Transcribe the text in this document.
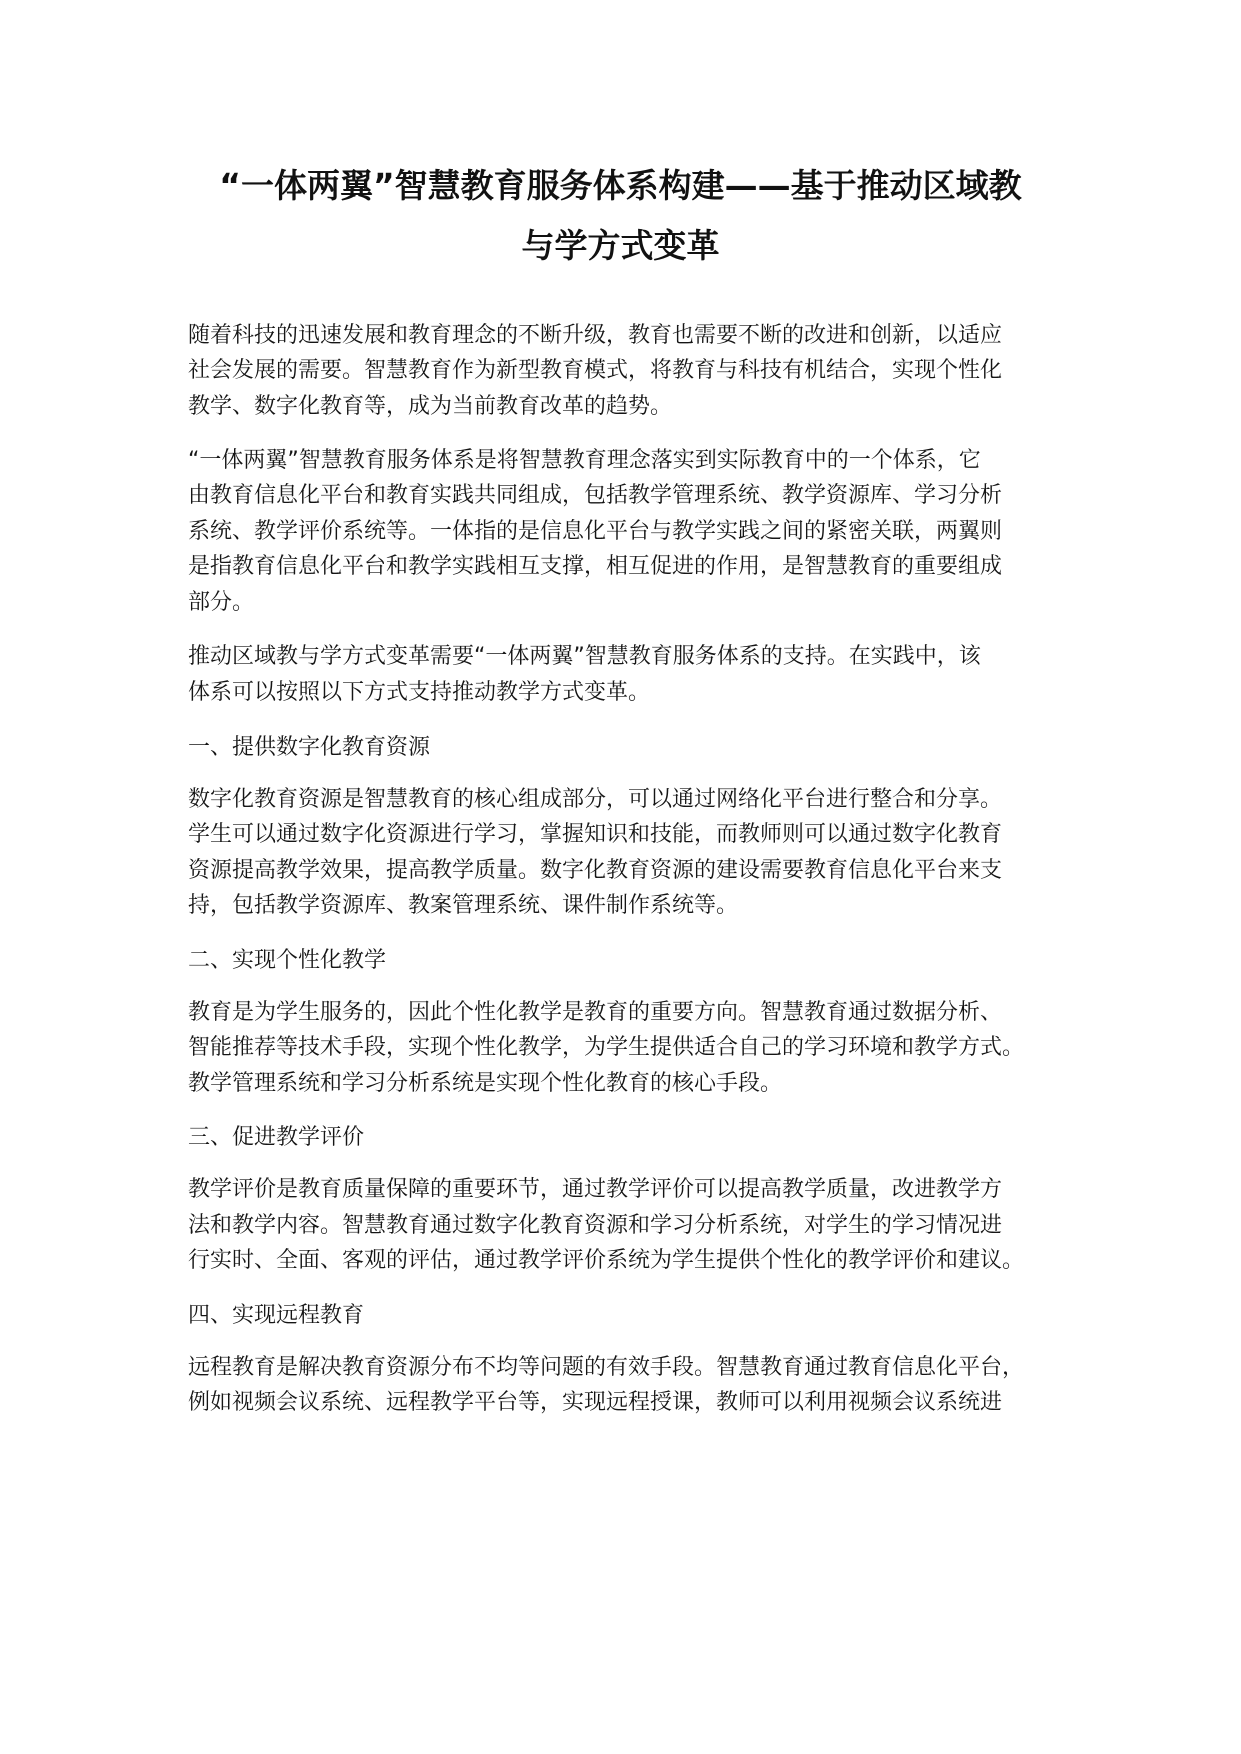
“一体两翼”智慧教育服务体系构建——基于推动区域教
与学方式变革
随着科技的迅速发展和教育理念的不断升级，教育也需要不断的改进和创新，以适应
社会发展的需要。智慧教育作为新型教育模式，将教育与科技有机结合，实现个性化
教学、数字化教育等，成为当前教育改革的趋势。
“一体两翼”智慧教育服务体系是将智慧教育理念落实到实际教育中的一个体系，它
由教育信息化平台和教育实践共同组成，包括教学管理系统、教学资源库、学习分析
系统、教学评价系统等。一体指的是信息化平台与教学实践之间的紧密关联，两翼则
是指教育信息化平台和教学实践相互支撑，相互促进的作用，是智慧教育的重要组成
部分。
推动区域教与学方式变革需要“一体两翼”智慧教育服务体系的支持。在实践中，该
体系可以按照以下方式支持推动教学方式变革。
一、提供数字化教育资源
数字化教育资源是智慧教育的核心组成部分，可以通过网络化平台进行整合和分享。
学生可以通过数字化资源进行学习，掌握知识和技能，而教师则可以通过数字化教育
资源提高教学效果，提高教学质量。数字化教育资源的建设需要教育信息化平台来支
持，包括教学资源库、教案管理系统、课件制作系统等。
二、实现个性化教学
教育是为学生服务的，因此个性化教学是教育的重要方向。智慧教育通过数据分析、
智能推荐等技术手段，实现个性化教学，为学生提供适合自己的学习环境和教学方式。
教学管理系统和学习分析系统是实现个性化教育的核心手段。
三、促进教学评价
教学评价是教育质量保障的重要环节，通过教学评价可以提高教学质量，改进教学方
法和教学内容。智慧教育通过数字化教育资源和学习分析系统，对学生的学习情况进
行实时、全面、客观的评估，通过教学评价系统为学生提供个性化的教学评价和建议。
四、实现远程教育
远程教育是解决教育资源分布不均等问题的有效手段。智慧教育通过教育信息化平台，
例如视频会议系统、远程教学平台等，实现远程授课，教师可以利用视频会议系统进
